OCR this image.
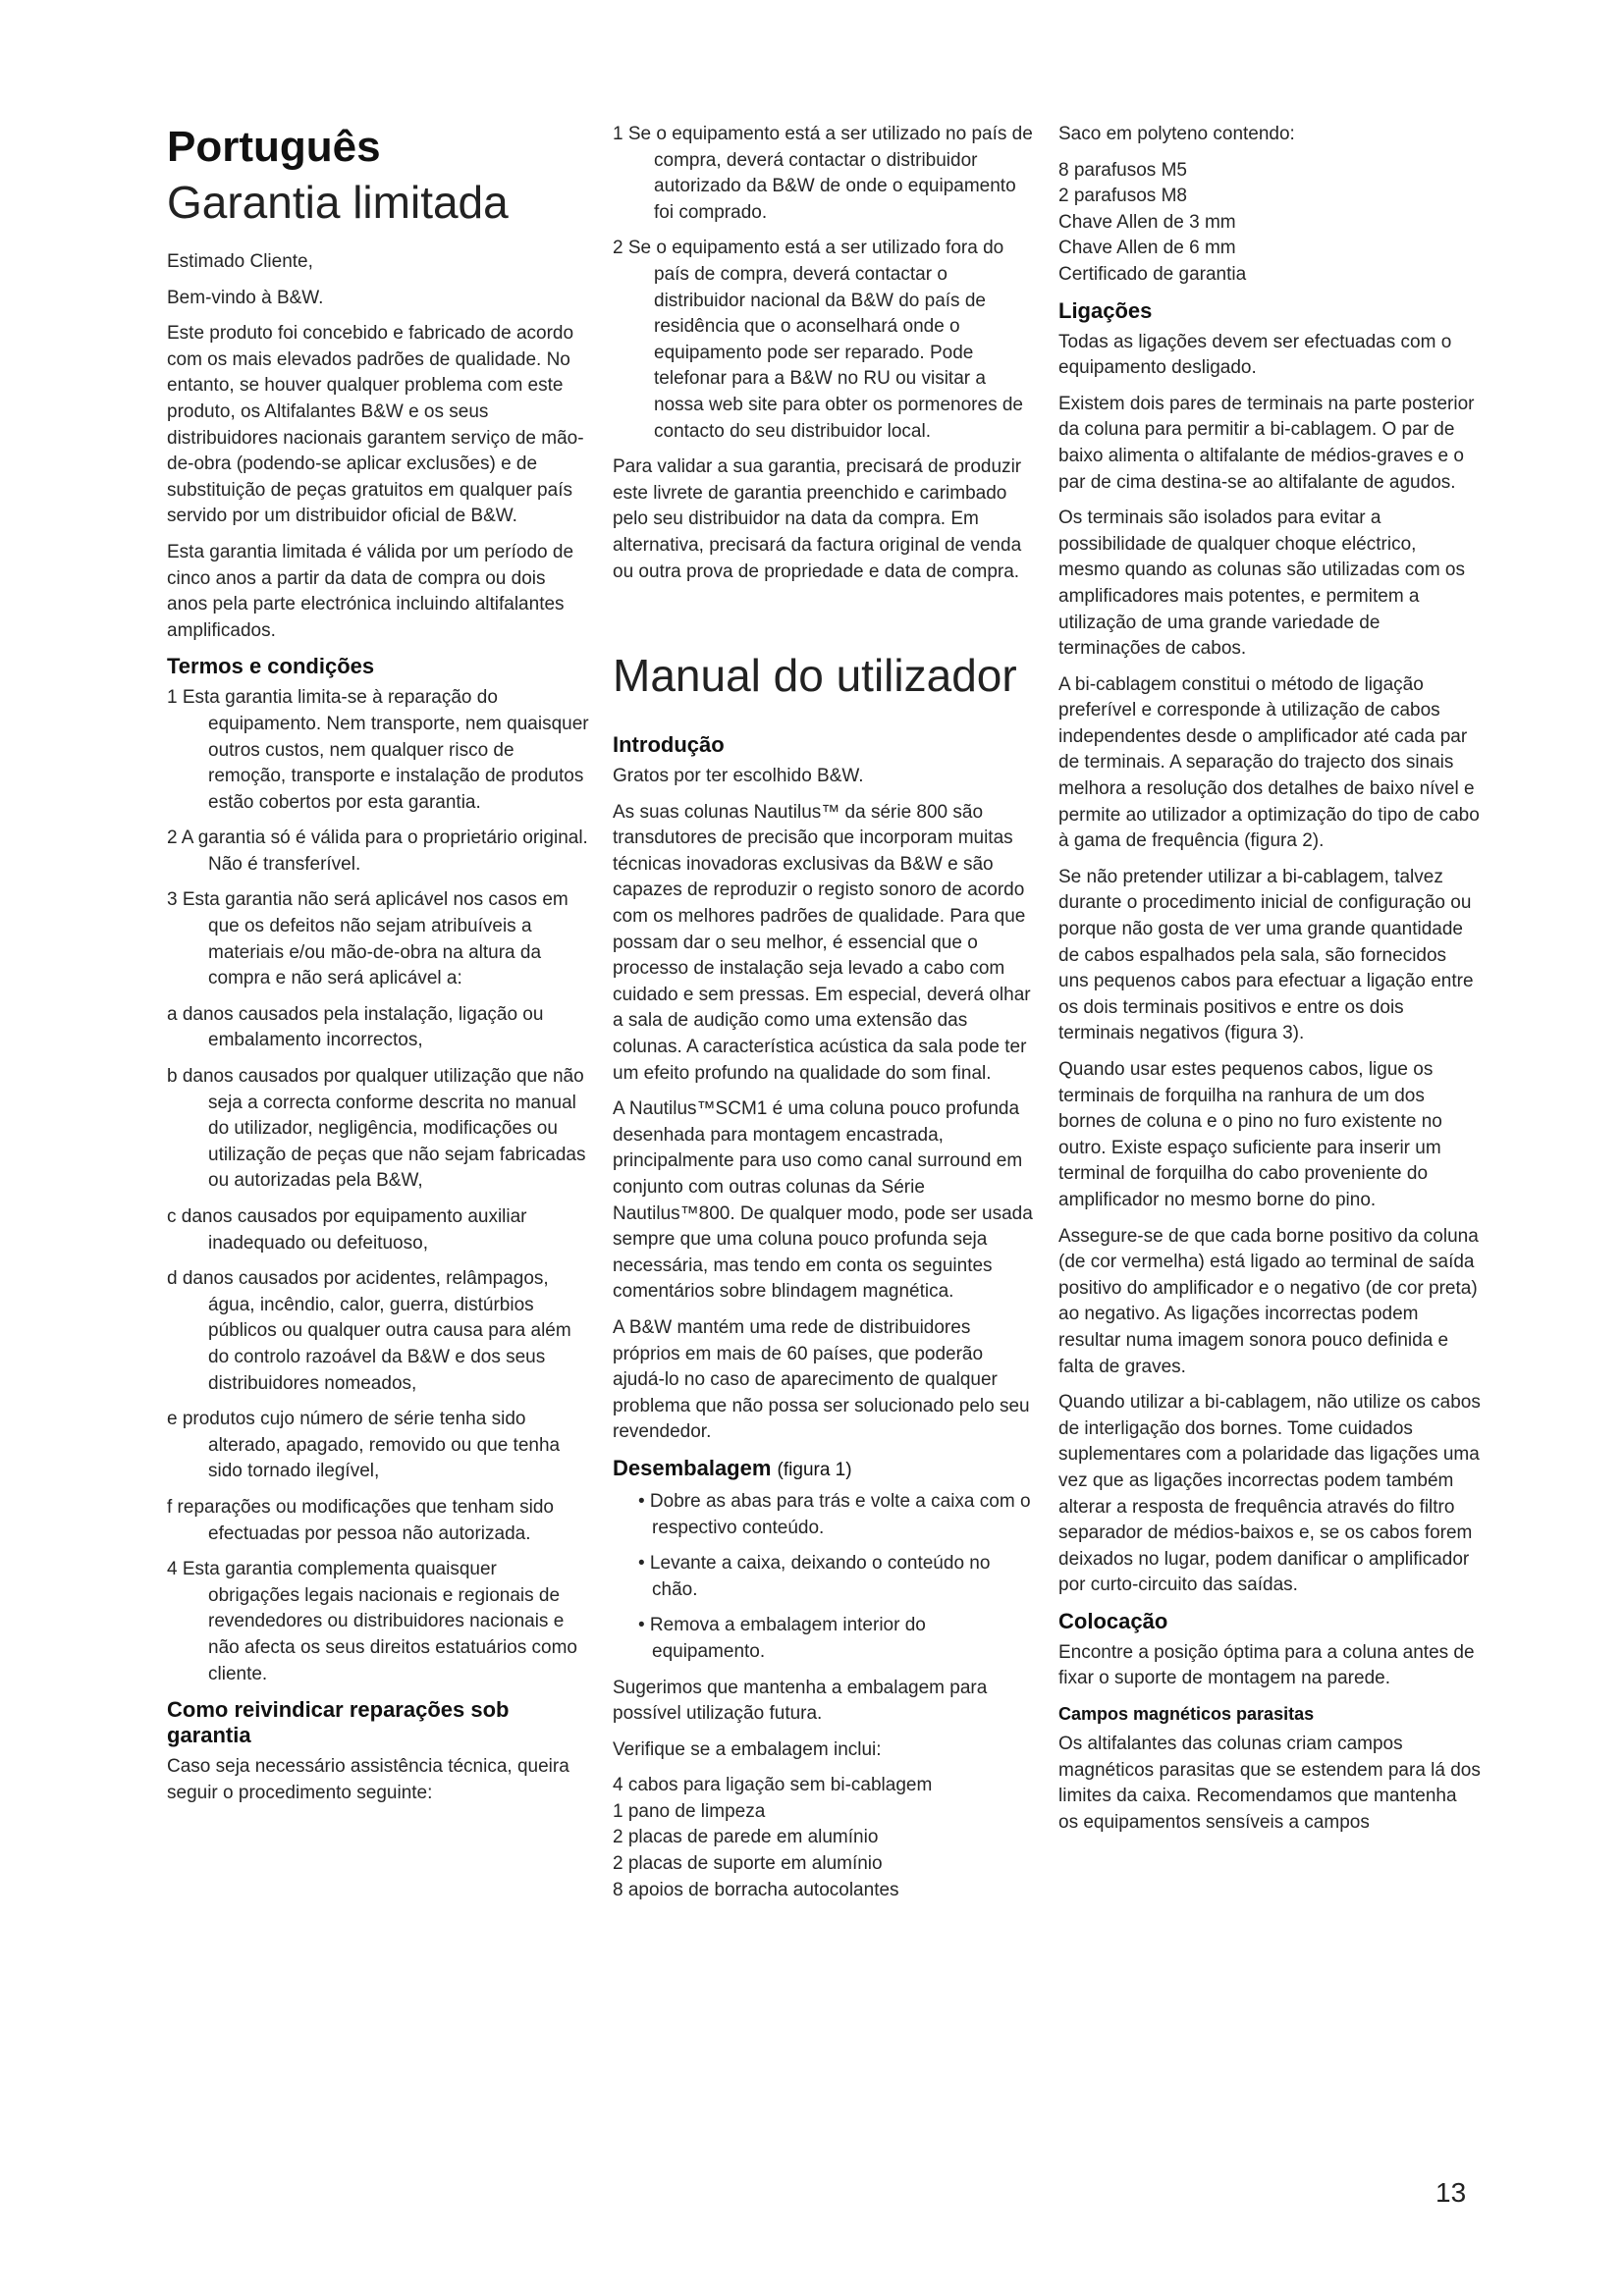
Português
Garantia limitada

Estimado Cliente,

Bem-vindo à B&W.

Este produto foi concebido e fabricado de acordo com os mais elevados padrões de qualidade. No entanto, se houver qualquer problema com este produto, os Altifalantes B&W e os seus distribuidores nacionais garantem serviço de mão-de-obra (podendo-se aplicar exclusões) e de substituição de peças gratuitos em qualquer país servido por um distribuidor oficial de B&W.

Esta garantia limitada é válida por um período de cinco anos a partir da data de compra ou dois anos pela parte electrónica incluindo altifalantes amplificados.

Termos e condições
1 Esta garantia limita-se à reparação do equipamento. Nem transporte, nem quaisquer outros custos, nem qualquer risco de remoção, transporte e instalação de produtos estão cobertos por esta garantia.
2 A garantia só é válida para o proprietário original. Não é transferível.
3 Esta garantia não será aplicável nos casos em que os defeitos não sejam atribuíveis a materiais e/ou mão-de-obra na altura da compra e não será aplicável a:
a danos causados pela instalação, ligação ou embalamento incorrectos,
b danos causados por qualquer utilização que não seja a correcta conforme descrita no manual do utilizador, negligência, modificações ou utilização de peças que não sejam fabricadas ou autorizadas pela B&W,
c danos causados por equipamento auxiliar inadequado ou defeituoso,
d danos causados por acidentes, relâmpagos, água, incêndio, calor, guerra, distúrbios públicos ou qualquer outra causa para além do controlo razoável da B&W e dos seus distribuidores nomeados,
e produtos cujo número de série tenha sido alterado, apagado, removido ou que tenha sido tornado ilegível,
f reparações ou modificações que tenham sido efectuadas por pessoa não autorizada.
4 Esta garantia complementa quaisquer obrigações legais nacionais e regionais de revendedores ou distribuidores nacionais e não afecta os seus direitos estatuários como cliente.
Como reivindicar reparações sob garantia

Caso seja necessário assistência técnica, queira seguir o procedimento seguinte:

1 Se o equipamento está a ser utilizado no país de compra, deverá contactar o distribuidor autorizado da B&W de onde o equipamento foi comprado.
2 Se o equipamento está a ser utilizado fora do país de compra, deverá contactar o distribuidor nacional da B&W do país de residência que o aconselhará onde o equipamento pode ser reparado. Pode telefonar para a B&W no RU ou visitar a nossa web site para obter os pormenores de contacto do seu distribuidor local.

Para validar a sua garantia, precisará de produzir este livrete de garantia preenchido e carimbado pelo seu distribuidor na data da compra. Em alternativa, precisará da factura original de venda ou outra prova de propriedade e data de compra.

Manual do utilizador
Introdução

Gratos por ter escolhido B&W.

As suas colunas Nautilus™ da série 800 são transdutores de precisão que incorporam muitas técnicas inovadoras exclusivas da B&W e são capazes de reproduzir o registo sonoro de acordo com os melhores padrões de qualidade. Para que possam dar o seu melhor, é essencial que o processo de instalação seja levado a cabo com cuidado e sem pressas. Em especial, deverá olhar a sala de audição como uma extensão das colunas. A característica acústica da sala pode ter um efeito profundo na qualidade do som final.

A Nautilus™SCM1 é uma coluna pouco profunda desenhada para montagem encastrada, principalmente para uso como canal surround em conjunto com outras colunas da Série Nautilus™800. De qualquer modo, pode ser usada sempre que uma coluna pouco profunda seja necessária, mas tendo em conta os seguintes comentários sobre blindagem magnética.

A B&W mantém uma rede de distribuidores próprios em mais de 60 países, que poderão ajudá-lo no caso de aparecimento de qualquer problema que não possa ser solucionado pelo seu revendedor.

Desembalagem (figura 1)
• Dobre as abas para trás e volte a caixa com o respectivo conteúdo.
• Levante a caixa, deixando o conteúdo no chão.
• Remova a embalagem interior do equipamento.

Sugerimos que mantenha a embalagem para possível utilização futura.

Verifique se a embalagem inclui:

4 cabos para ligação sem bi-cablagem
1 pano de limpeza
2 placas de parede em alumínio
2 placas de suporte em alumínio
8 apoios de borracha autocolantes

Saco em polyteno contendo:

8 parafusos M5
2 parafusos M8
Chave Allen de 3 mm
Chave Allen de 6 mm
Certificado de garantia
Ligações

Todas as ligações devem ser efectuadas com o equipamento desligado.

Existem dois pares de terminais na parte posterior da coluna para permitir a bi-cablagem. O par de baixo alimenta o altifalante de médios-graves e o par de cima destina-se ao altifalante de agudos.

Os terminais são isolados para evitar a possibilidade de qualquer choque eléctrico, mesmo quando as colunas são utilizadas com os amplificadores mais potentes, e permitem a utilização de uma grande variedade de terminações de cabos.

A bi-cablagem constitui o método de ligação preferível e corresponde à utilização de cabos independentes desde o amplificador até cada par de terminais. A separação do trajecto dos sinais melhora a resolução dos detalhes de baixo nível e permite ao utilizador a optimização do tipo de cabo à gama de frequência (figura 2).

Se não pretender utilizar a bi-cablagem, talvez durante o procedimento inicial de configuração ou porque não gosta de ver uma grande quantidade de cabos espalhados pela sala, são fornecidos uns pequenos cabos para efectuar a ligação entre os dois terminais positivos e entre os dois terminais negativos (figura 3).

Quando usar estes pequenos cabos, ligue os terminais de forquilha na ranhura de um dos bornes de coluna e o pino no furo existente no outro. Existe espaço suficiente para inserir um terminal de forquilha do cabo proveniente do amplificador no mesmo borne do pino.

Assegure-se de que cada borne positivo da coluna (de cor vermelha) está ligado ao terminal de saída positivo do amplificador e o negativo (de cor preta) ao negativo. As ligações incorrectas podem resultar numa imagem sonora pouco definida e falta de graves.

Quando utilizar a bi-cablagem, não utilize os cabos de interligação dos bornes. Tome cuidados suplementares com a polaridade das ligações uma vez que as ligações incorrectas podem também alterar a resposta de frequência através do filtro separador de médios-baixos e, se os cabos forem deixados no lugar, podem danificar o amplificador por curto-circuito das saídas.

Colocação

Encontre a posição óptima para a coluna antes de fixar o suporte de montagem na parede.

Campos magnéticos parasitas

Os altifalantes das colunas criam campos magnéticos parasitas que se estendem para lá dos limites da caixa. Recomendamos que mantenha os equipamentos sensíveis a campos

13
